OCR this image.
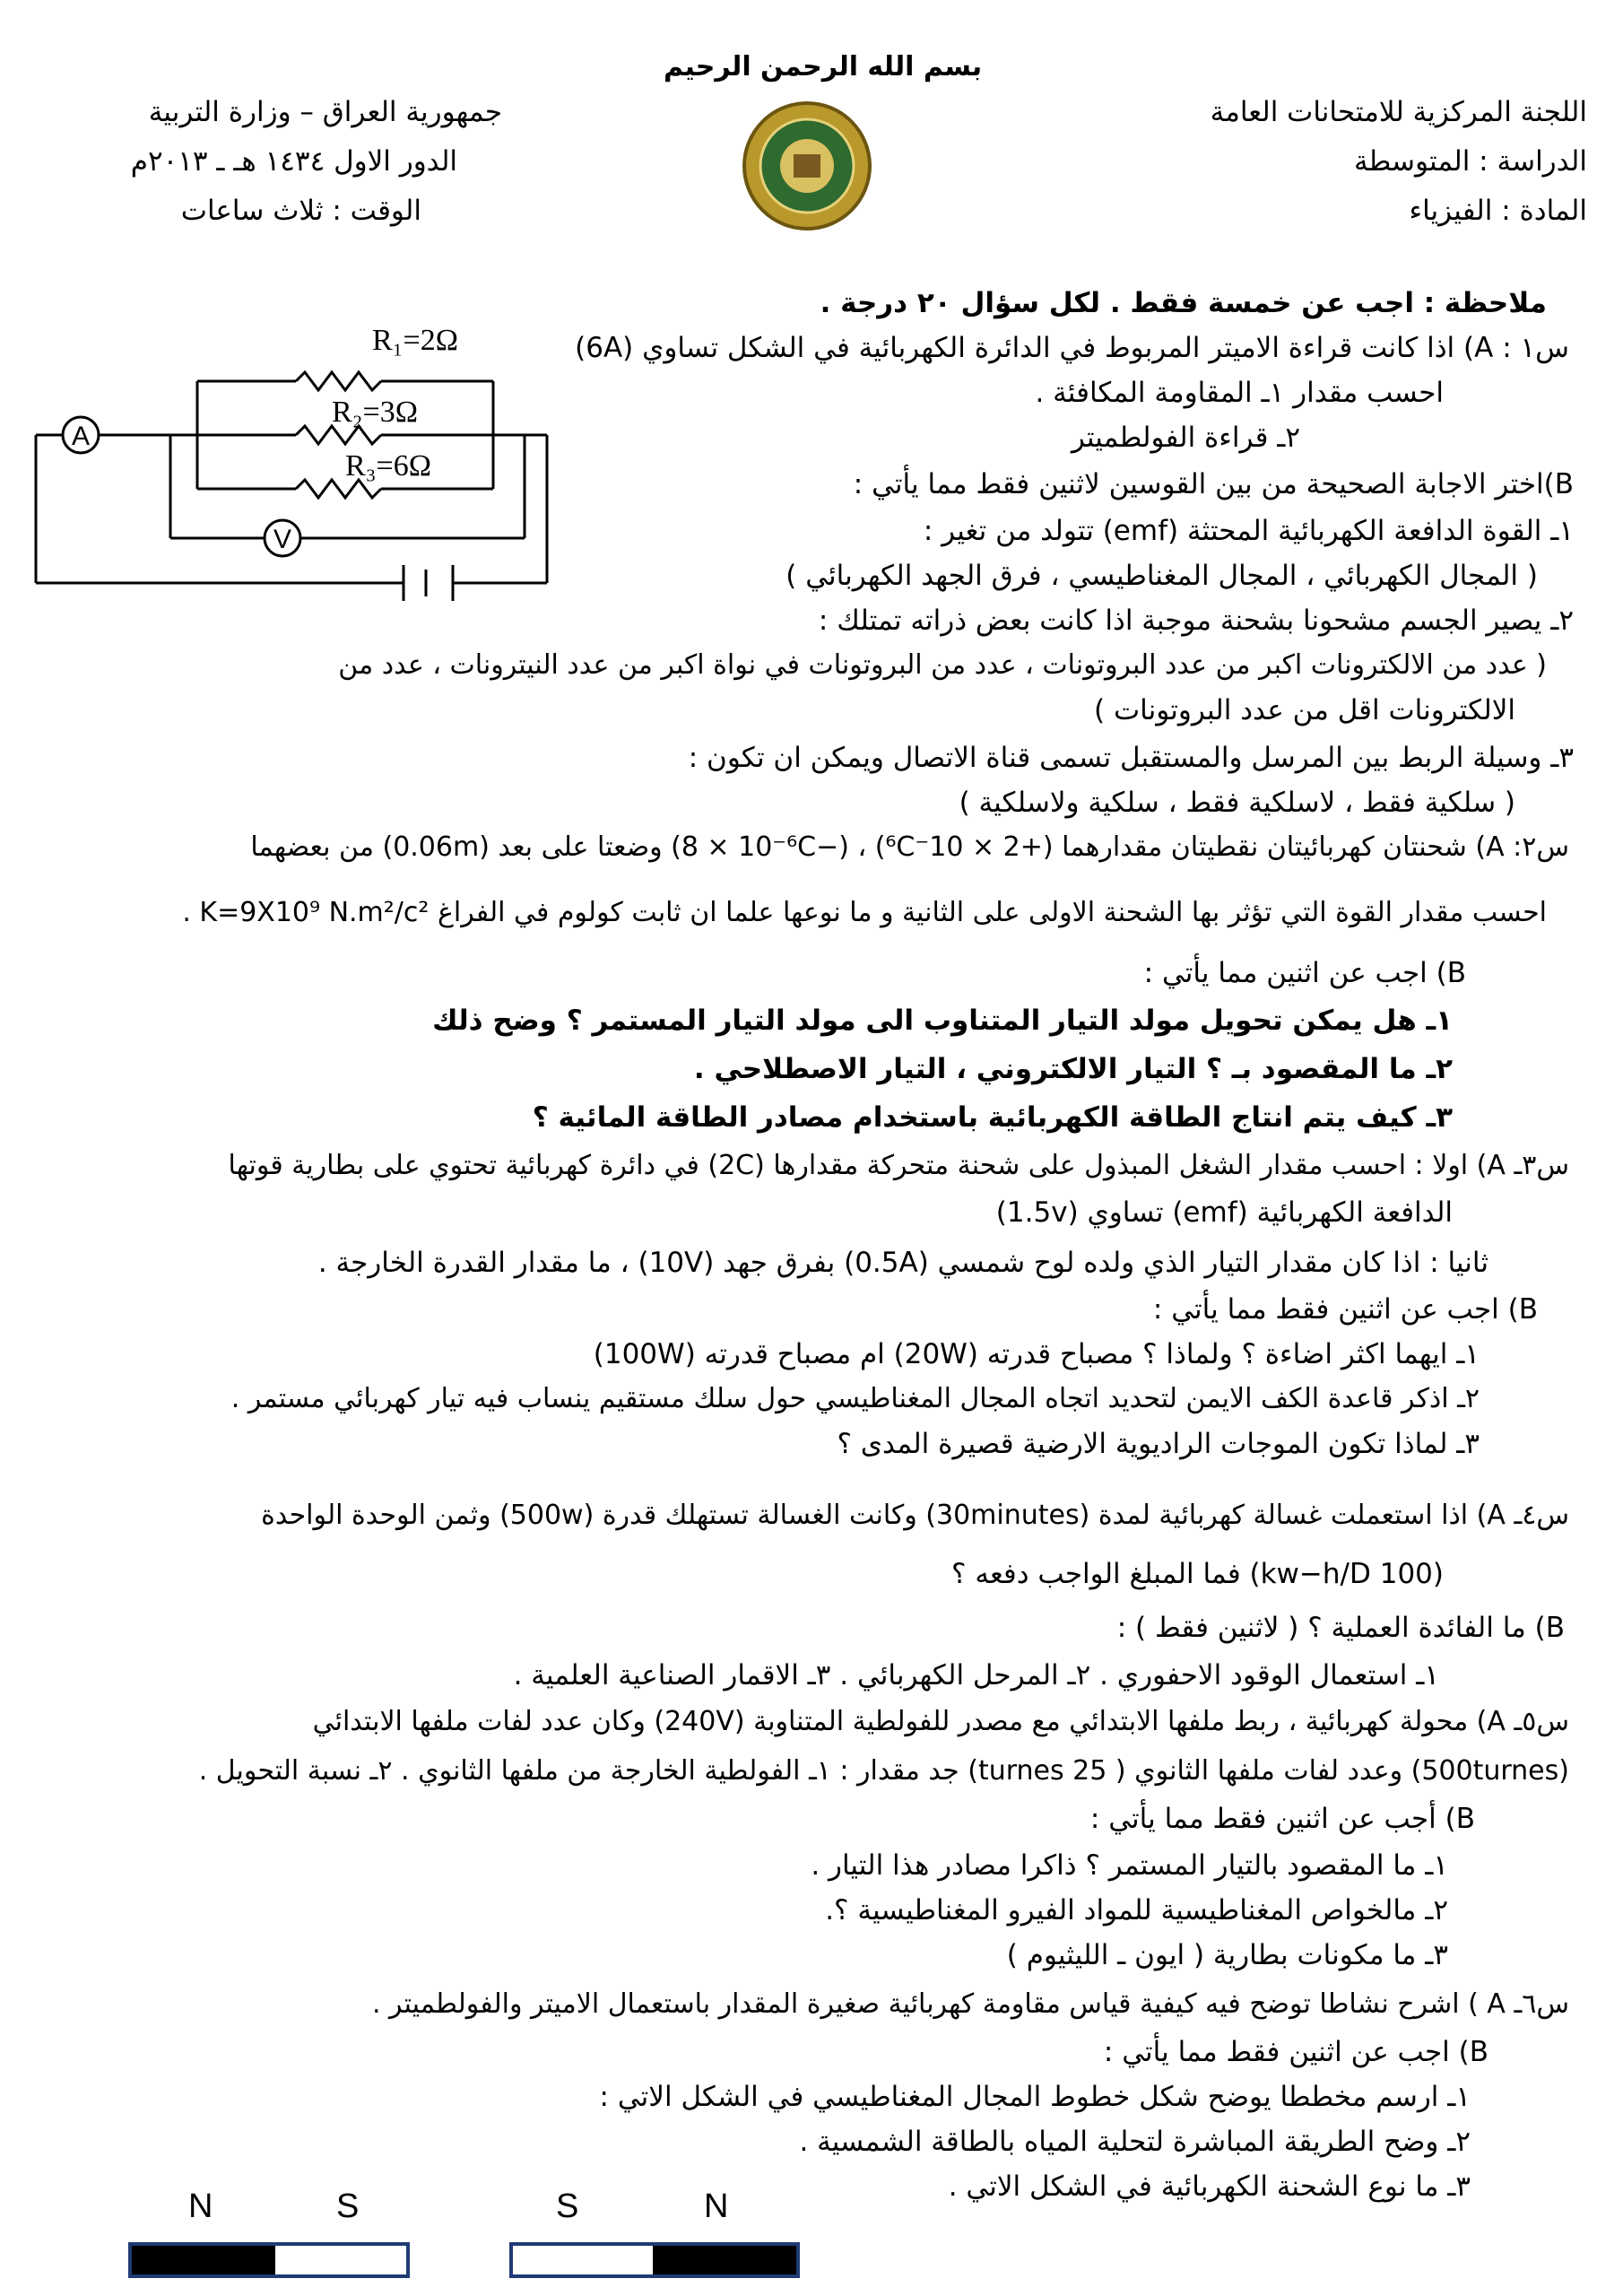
بسم الله الرحمن الرحيم
اللجنة المركزية للامتحانات العامة
الدراسة : المتوسطة
المادة : الفيزياء
جمهورية العراق – وزارة التربية
الدور الاول ١٤٣٤ هـ ـ ٢٠١٣م
الوقت : ثلاث ساعات
ملاحظة : اجب عن خمسة فقط . لكل سؤال ٢٠ درجة .
س١ : A) اذا كانت قراءة الاميتر المربوط في الدائرة الكهربائية في الشكل تساوي (6A)
احسب مقدار ١ـ المقاومة المكافئة .
٢ـ قراءة الفولطميتر
B)اختر الاجابة الصحيحة من بين القوسين لاثنين فقط مما يأتي :
١ـ القوة الدافعة الكهربائية المحتثة (emf) تتولد من تغير :
( المجال الكهربائي ، المجال المغناطيسي ، فرق الجهد الكهربائي )
٢ـ يصير الجسم مشحونا بشحنة موجبة اذا كانت بعض ذراته تمتلك :
( عدد من الالكترونات اكبر من عدد البروتونات ، عدد من البروتونات في نواة اكبر من عدد النيترونات ، عدد من
الالكترونات اقل من عدد البروتونات )
٣ـ وسيلة الربط بين المرسل والمستقبل تسمى قناة الاتصال ويمكن ان تكون :
( سلكية فقط ، لاسلكية فقط ، سلكية ولاسلكية )
A
V
R₁=2Ω
R₂=3Ω
R₃=6Ω
س٢: A) شحنتان كهربائيتان نقطيتان مقدارهما (+2 × 10⁻⁶C) ، (−8 × 10⁻⁶C) وضعتا على بعد (0.06m) من بعضهما
احسب مقدار القوة التي تؤثر بها الشحنة الاولى على الثانية و ما نوعها علما ان ثابت كولوم في الفراغ K=9X10⁹ N.m²/c² .
B) اجب عن اثنين مما يأتي :
١ـ هل يمكن تحويل مولد التيار المتناوب الى مولد التيار المستمر ؟ وضح ذلك
٢ـ ما المقصود بـ ؟ التيار الالكتروني ، التيار الاصطلاحي .
٣ـ كيف يتم انتاج الطاقة الكهربائية باستخدام مصادر الطاقة المائية ؟
س٣ـ A) اولا : احسب مقدار الشغل المبذول على شحنة متحركة مقدارها (2C) في دائرة كهربائية تحتوي على بطارية قوتها
الدافعة الكهربائية (emf) تساوي (1.5v)
ثانيا : اذا كان مقدار التيار الذي ولده لوح شمسي (0.5A) بفرق جهد (10V) ، ما مقدار القدرة الخارجة .
B) اجب عن اثنين فقط مما يأتي :
١ـ ايهما اكثر اضاءة ؟ ولماذا ؟ مصباح قدرته (20W) ام مصباح قدرته (100W)
٢ـ اذكر قاعدة الكف الايمن لتحديد اتجاه المجال المغناطيسي حول سلك مستقيم ينساب فيه تيار كهربائي مستمر .
٣ـ لماذا تكون الموجات الراديوية الارضية قصيرة المدى ؟
س٤ـ A) اذا استعملت غسالة كهربائية لمدة (30minutes) وكانت الغسالة تستهلك قدرة (500w) وثمن الوحدة الواحدة
(100 kw−h/D) فما المبلغ الواجب دفعه ؟
B) ما الفائدة العملية ؟ ( لاثنين فقط ) :
١ـ استعمال الوقود الاحفوري . ٢ـ المرحل الكهربائي . ٣ـ الاقمار الصناعية العلمية .
س٥ـ A) محولة كهربائية ، ربط ملفها الابتدائي مع مصدر للفولطية المتناوبة (240V) وكان عدد لفات ملفها الابتدائي
(500turnes) وعدد لفات ملفها الثانوي ( 25 turnes) جد مقدار : ١ـ الفولطية الخارجة من ملفها الثانوي . ٢ـ نسبة التحويل .
B) أجب عن اثنين فقط مما يأتي :
١ـ ما المقصود بالتيار المستمر ؟ ذاكرا مصادر هذا التيار .
٢ـ مالخواص المغناطيسية للمواد الفيرو المغناطيسية ؟.
٣ـ ما مكونات بطارية ( ايون ـ الليثيوم )
س٦ـ A ) اشرح نشاطا توضح فيه كيفية قياس مقاومة كهربائية صغيرة المقدار باستعمال الاميتر والفولطميتر .
B) اجب عن اثنين فقط مما يأتي :
١ـ ارسم مخططا يوضح شكل خطوط المجال المغناطيسي في الشكل الاتي :
٢ـ وضح الطريقة المباشرة لتحلية المياه بالطاقة الشمسية .
٣ـ ما نوع الشحنة الكهربائية في الشكل الاتي .
N	S	S	N
